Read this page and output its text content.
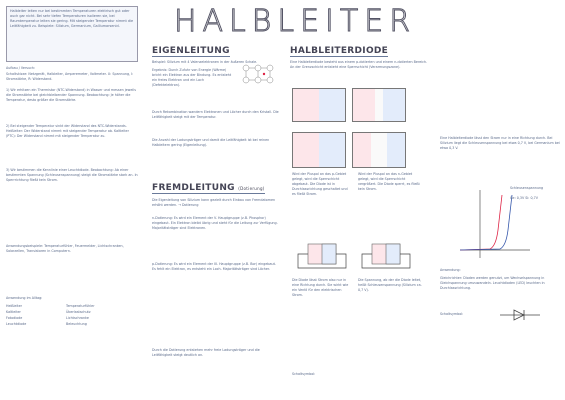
HALBLEITER
Halbleiter leiten nur bei bestimmten Temperaturen elektrisch gut oder auch gar nicht. Bei sehr tiefen Temperaturen isolieren sie, bei Raumtemperatur leiten sie gering. Mit steigender Temperatur nimmt die Leitfähigkeit zu. Beispiele: Silizium, Germanium, Galliumarsenid.
Aufbau / Versuch:
Schaltskizze: Netzgerät, Halbleiter, Amperemeter, Voltmeter. U: Spannung, I: Stromstärke, R: Widerstand.
1) Wir erhitzen ein Thermistor (NTC-Widerstand) in Wasser und messen jeweils die Stromstärke bei gleichbleibender Spannung. Beobachtung: Je höher die Temperatur, desto größer die Stromstärke.
2) Bei steigender Temperatur sinkt der Widerstand des NTC-Widerstands. Heißleiter: Der Widerstand nimmt mit steigender Temperatur ab. Kaltleiter (PTC): Der Widerstand nimmt mit steigender Temperatur zu.
3) Wir bestimmen die Kennlinie einer Leuchtdiode. Beobachtung: Ab einer bestimmten Spannung (Schleusenspannung) steigt die Stromstärke stark an. In Sperrrichtung fließt kein Strom.
Anwendungsbeispiele: Temperaturfühler, Feuermelder, Lichtschranken, Solarzellen, Transistoren in Computern.
Anwendung im Alltag:
Heißleiter	Temperaturfühler
Kaltleiter	Überlastschutz
Fotodiode	Lichtschranke
Leuchtdiode	Beleuchtung
EIGENLEITUNG
Beispiel: Silizium mit 4 Valenzelektronen in der äußeren Schale.
Ergebnis: Durch Zufuhr von Energie (Wärme) bricht ein Elektron aus der Bindung. Es entsteht ein freies Elektron und ein Loch (Defektelektron).
Durch Rekombination wandern Elektronen und Löcher durch den Kristall. Die Leitfähigkeit steigt mit der Temperatur.
Die Anzahl der Ladungsträger und damit die Leitfähigkeit ist bei reinen Halbleitern gering (Eigenleitung).
FREMDLEITUNG (Dotierung)
Die Eigenleitung von Silizium kann gezielt durch Einbau von Fremdatomen erhöht werden. → Dotierung
n-Dotierung: Es wird ein Element der V. Hauptgruppe (z.B. Phosphor) eingebaut. Ein Elektron bleibt übrig und steht für die Leitung zur Verfügung. Majoritätsträger sind Elektronen.
p-Dotierung: Es wird ein Element der III. Hauptgruppe (z.B. Bor) eingebaut. Es fehlt ein Elektron, es entsteht ein Loch. Majoritätsträger sind Löcher.
Durch die Dotierung entstehen mehr freie Ladungsträger und die Leitfähigkeit steigt deutlich an.
HALBLEITERDIODE
Eine Halbleiterdiode besteht aus einem p-dotierten und einem n-dotierten Bereich. An der Grenzschicht entsteht eine Sperrschicht (Verarmungszone).
Wird der Pluspol an das p-Gebiet gelegt, wird die Sperrschicht abgebaut. Die Diode ist in Durchlassrichtung geschaltet und es fließt Strom.
Wird der Pluspol an das n-Gebiet gelegt, wird die Sperrschicht vergrößert. Die Diode sperrt, es fließt kein Strom.
Die Diode lässt Strom also nur in eine Richtung durch. Sie wirkt wie ein Ventil für den elektrischen Strom.
Die Spannung, ab der die Diode leitet, heißt Schleusenspannung (Silizium ca. 0,7 V).
Schaltsymbol:
Eine Halbleiterdiode lässt den Strom nur in eine Richtung durch. Bei Silizium liegt die Schleusenspannung bei etwa 0,7 V, bei Germanium bei etwa 0,3 V.
Schleusenspannung
Ge: 0,3V Si: 0,7V
Anwendung:
Gleichrichter: Dioden werden genutzt, um Wechselspannung in Gleichspannung umzuwandeln. Leuchtdioden (LED) leuchten in Durchlassrichtung.
Schaltsymbol:
